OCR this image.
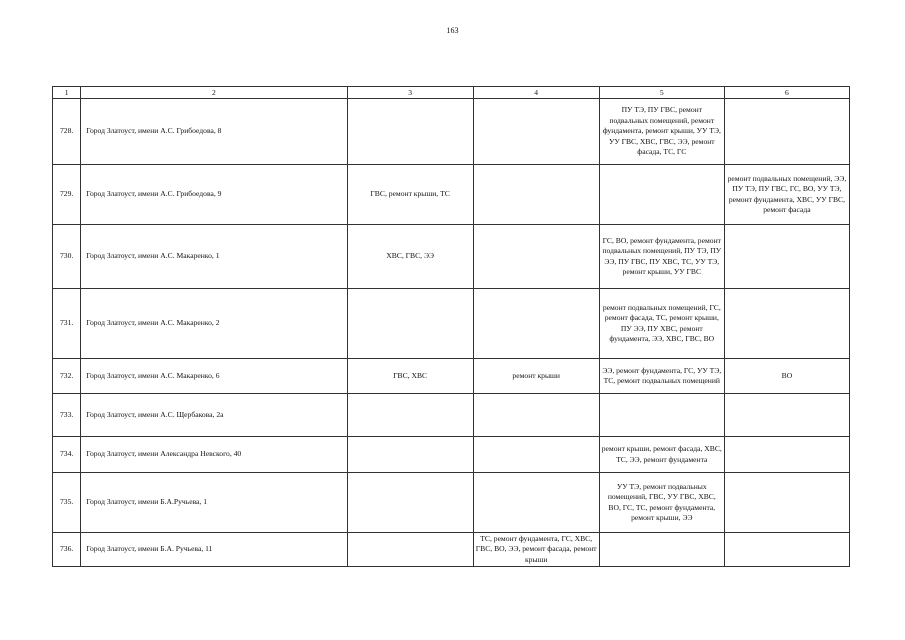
163
1	2	3	4	5	6
728.	Город Златоуст, имени А.С. Грибоедова, 8			ПУ ТЭ, ПУ ГВС, ремонт подвальных помещений, ремонт фундамента, ремонт крыши, УУ ТЭ, УУ ГВС, ХВС, ГВС, ЭЭ, ремонт фасада, ТС, ГС	
729.	Город Златоуст, имени А.С. Грибоедова, 9	ГВС, ремонт крыши, ТС			ремонт подвальных помещений, ЭЭ, ПУ ТЭ, ПУ ГВС, ГС, ВО, УУ ТЭ, ремонт фундамента, ХВС, УУ ГВС, ремонт фасада
730.	Город Златоуст, имени А.С. Макаренко, 1	ХВС, ГВС, ЭЭ		ГС, ВО, ремонт фундамента, ремонт подвальных помещений, ПУ ТЭ, ПУ ЭЭ, ПУ ГВС, ПУ ХВС, ТС, УУ ТЭ, ремонт крыши, УУ ГВС	
731.	Город Златоуст, имени А.С. Макаренко, 2			ремонт подвальных помещений, ГС, ремонт фасада, ТС, ремонт крыши, ПУ ЭЭ, ПУ ХВС, ремонт фундамента, ЭЭ, ХВС, ГВС, ВО	
732.	Город Златоуст, имени А.С. Макаренко, 6	ГВС, ХВС	ремонт крыши	ЭЭ, ремонт фундамента, ГС, УУ ТЭ, ТС, ремонт подвальных помещений	ВО
733.	Город Златоуст, имени А.С. Щербакова, 2а				
734.	Город Златоуст, имени Александра Невского, 40			ремонт крыши, ремонт фасада, ХВС, ТС, ЭЭ, ремонт фундамента	
735.	Город Златоуст, имени Б.А.Ручьева, 1			УУ ТЭ, ремонт подвальных помещений, ГВС, УУ ГВС, ХВС, ВО, ГС, ТС, ремонт фундамента, ремонт крыши, ЭЭ	
736.	Город Златоуст, имени Б.А. Ручьева, 11		ТС, ремонт фундамента, ГС, ХВС, ГВС, ВО, ЭЭ, ремонт фасада, ремонт крыши		
